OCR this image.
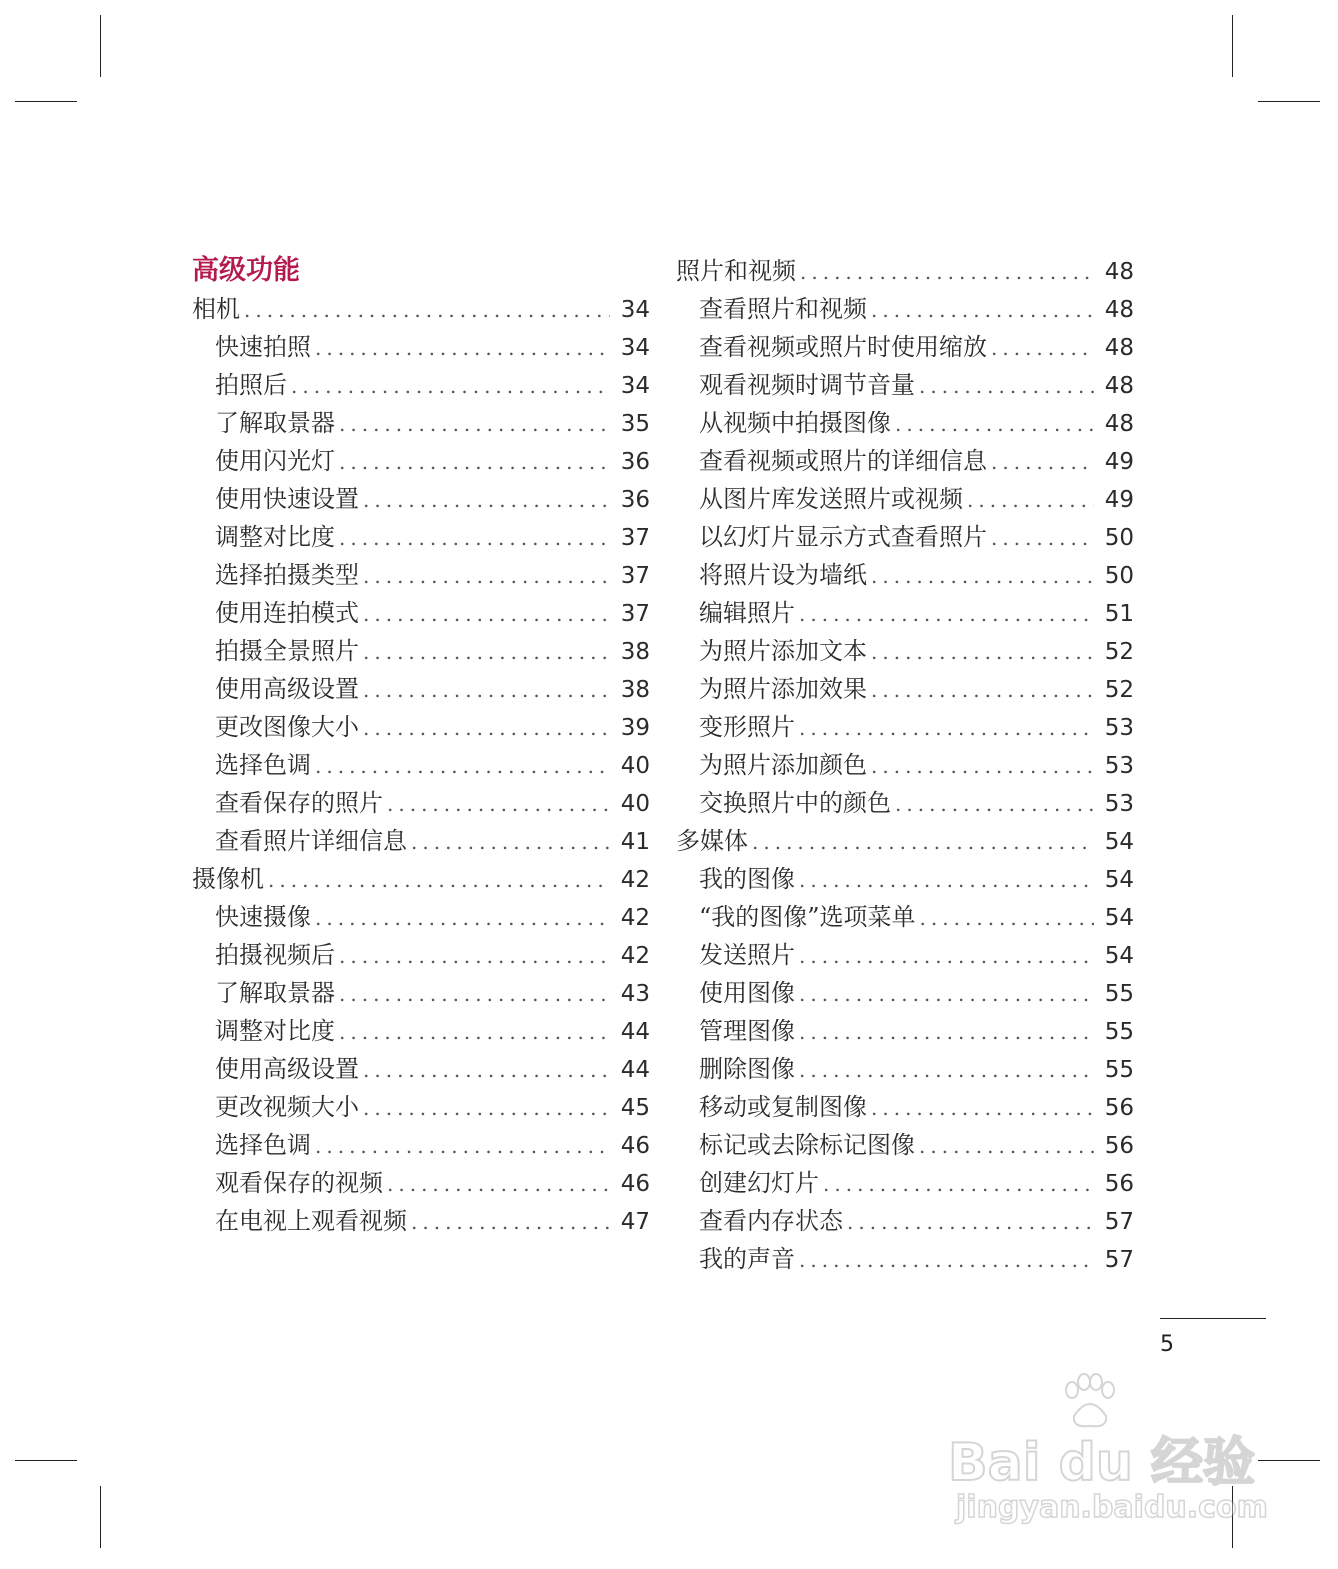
高级功能
相机 .....	34
快速拍照 .....	34
拍照后 .....	34
了解取景器 .....	35
使用闪光灯 .....	36
使用快速设置 .....	36
调整对比度 .....	37
选择拍摄类型 .....	37
使用连拍模式 .....	37
拍摄全景照片 .....	38
使用高级设置 .....	38
更改图像大小 .....	39
选择色调 .....	40
查看保存的照片 .....	40
查看照片详细信息 .....	41
摄像机 .....	42
快速摄像 .....	42
拍摄视频后 .....	42
了解取景器 .....	43
调整对比度 .....	44
使用高级设置 .....	44
更改视频大小 .....	45
选择色调 .....	46
观看保存的视频 .....	46
在电视上观看视频 .....	47
照片和视频 .....	48
查看照片和视频 .....	48
查看视频或照片时使用缩放 .....	48
观看视频时调节音量 .....	48
从视频中拍摄图像 .....	48
查看视频或照片的详细信息 .....	49
从图片库发送照片或视频 .....	49
以幻灯片显示方式查看照片 .....	50
将照片设为墙纸 .....	50
编辑照片 .....	51
为照片添加文本 .....	52
为照片添加效果 .....	52
变形照片 .....	53
为照片添加颜色 .....	53
交换照片中的颜色 .....	53
多媒体 .....	54
我的图像 .....	54
“我的图像”选项菜单 .....	54
发送照片 .....	54
使用图像 .....	55
管理图像 .....	55
删除图像 .....	55
移动或复制图像 .....	56
标记或去除标记图像 .....	56
创建幻灯片 .....	56
查看内存状态 .....	57
我的声音 .....	57
5
Bai du 经验
jingyan.baidu.com
